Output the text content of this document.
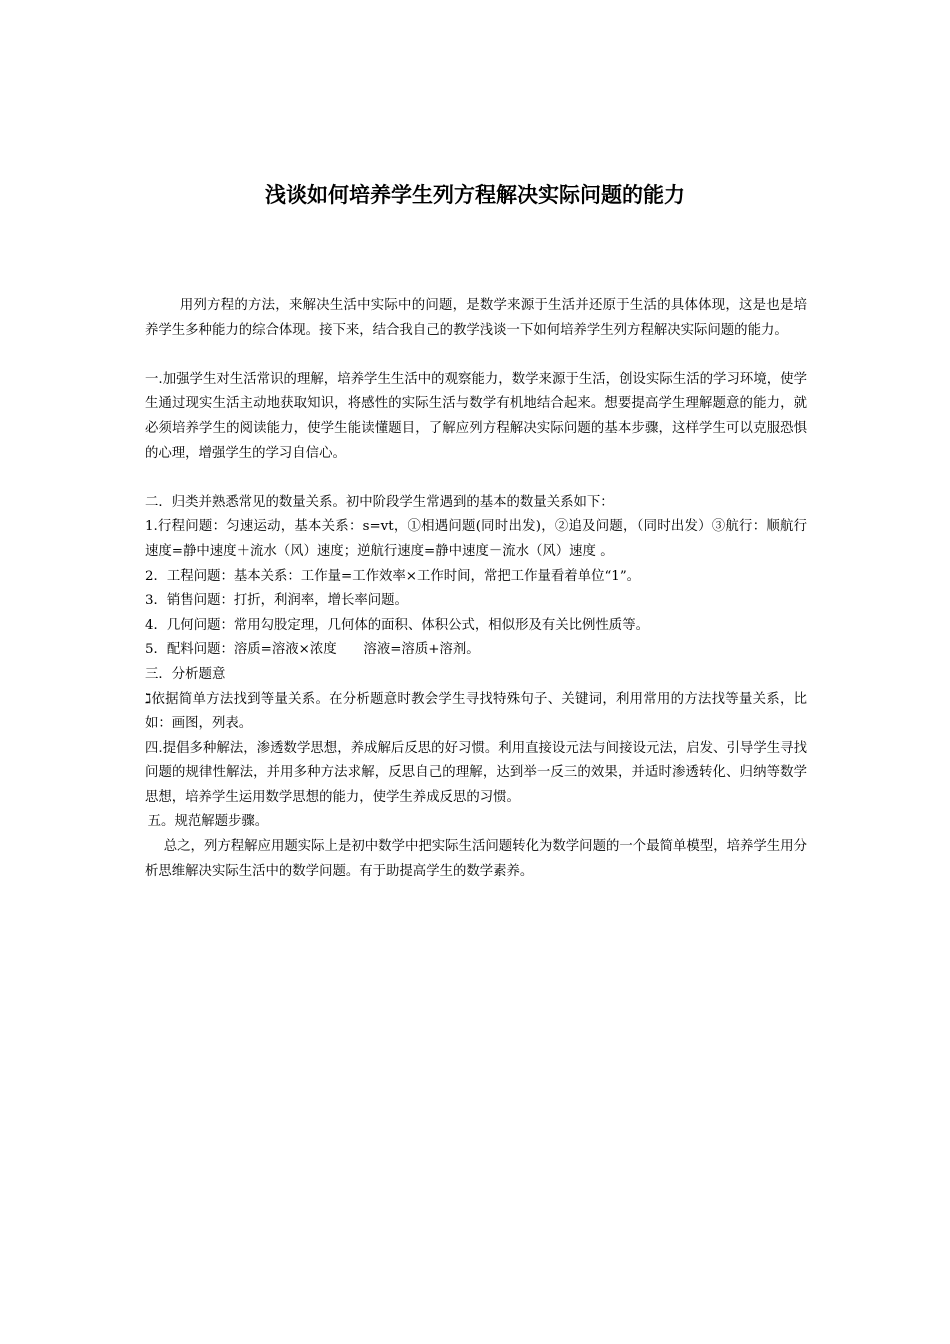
浅谈如何培养学生列方程解决实际问题的能力

用列方程的方法，来解决生活中实际中的问题，是数学来源于生活并还原于生活的具体体现，这是也是培养学生多种能力的综合体现。接下来，结合我自己的教学浅谈一下如何培养学生列方程解决实际问题的能力。

一.加强学生对生活常识的理解，培养学生生活中的观察能力，数学来源于生活，创设实际生活的学习环境，使学生通过现实生活主动地获取知识，将感性的实际生活与数学有机地结合起来。想要提高学生理解题意的能力，就必须培养学生的阅读能力，使学生能读懂题目，了解应列方程解决实际问题的基本步骤，这样学生可以克服恐惧的心理，增强学生的学习自信心。

二．归类并熟悉常见的数量关系。初中阶段学生常遇到的基本的数量关系如下：

1.行程问题：匀速运动，基本关系：s=vt，①相遇问题(同时出发)，②追及问题，（同时出发）③航行：顺航行速度=静中速度＋流水（风）速度；逆航行速度=静中速度－流水（风）速度 。

2．工程问题：基本关系：工作量=工作效率×工作时间，常把工作量看着单位“1”。

3．销售问题：打折，利润率，增长率问题。

4．几何问题：常用勾股定理，几何体的面积、体积公式，相似形及有关比例性质等。

5．配料问题：溶质=溶液×浓度　　溶液=溶质+溶剂。

三．分析题意

ℷ依据简单方法找到等量关系。在分析题意时教会学生寻找特殊句子、关键词，利用常用的方法找等量关系，比如：画图，列表。

四.提倡多种解法，渗透数学思想，养成解后反思的好习惯。利用直接设元法与间接设元法，启发、引导学生寻找问题的规律性解法，并用多种方法求解，反思自己的理解，达到举一反三的效果，并适时渗透转化、归纳等数学思想，培养学生运用数学思想的能力，使学生养成反思的习惯。

五。规范解题步骤。

总之，列方程解应用题实际上是初中数学中把实际生活问题转化为数学问题的一个最简单模型，培养学生用分析思维解决实际生活中的数学问题。有于助提高学生的数学素养。
